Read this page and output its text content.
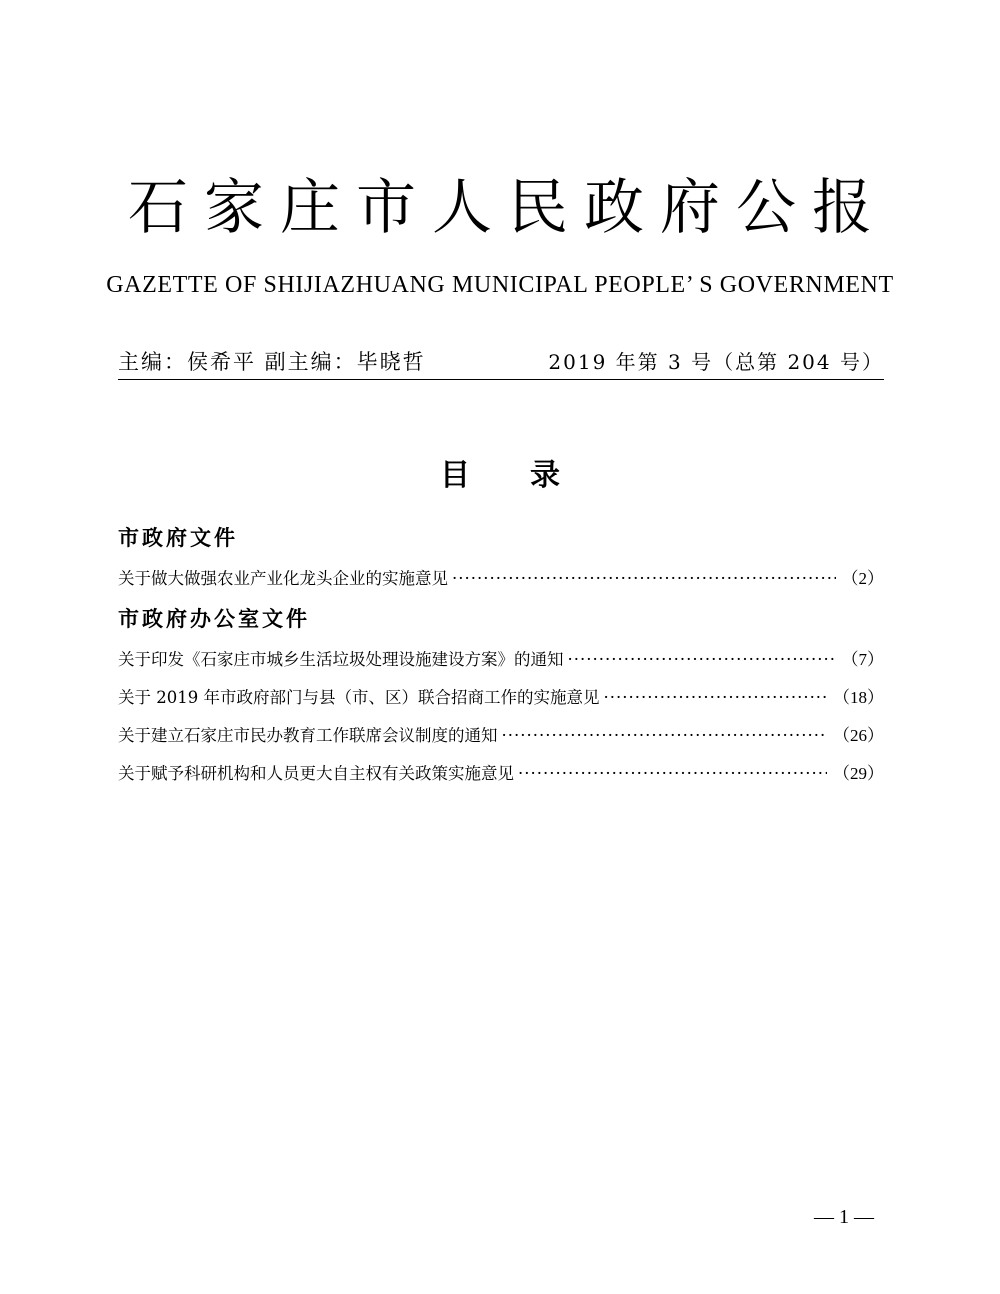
石家庄市人民政府公报
GAZETTE OF SHIJIAZHUANG MUNICIPAL PEOPLE’ S GOVERNMENT
主编：侯希平 副主编：毕晓哲	2019 年第 3 号（总第 204 号）
目录
市政府文件
关于做大做强农业产业化龙头企业的实施意见 ·····	（2）
市政府办公室文件
关于印发《石家庄市城乡生活垃圾处理设施建设方案》的通知 ·····	（7）
关于 2019 年市政府部门与县（市、区）联合招商工作的实施意见 ·····	（18）
关于建立石家庄市民办教育工作联席会议制度的通知 ·····	（26）
关于赋予科研机构和人员更大自主权有关政策实施意见 ·····	（29）
— 1 —
